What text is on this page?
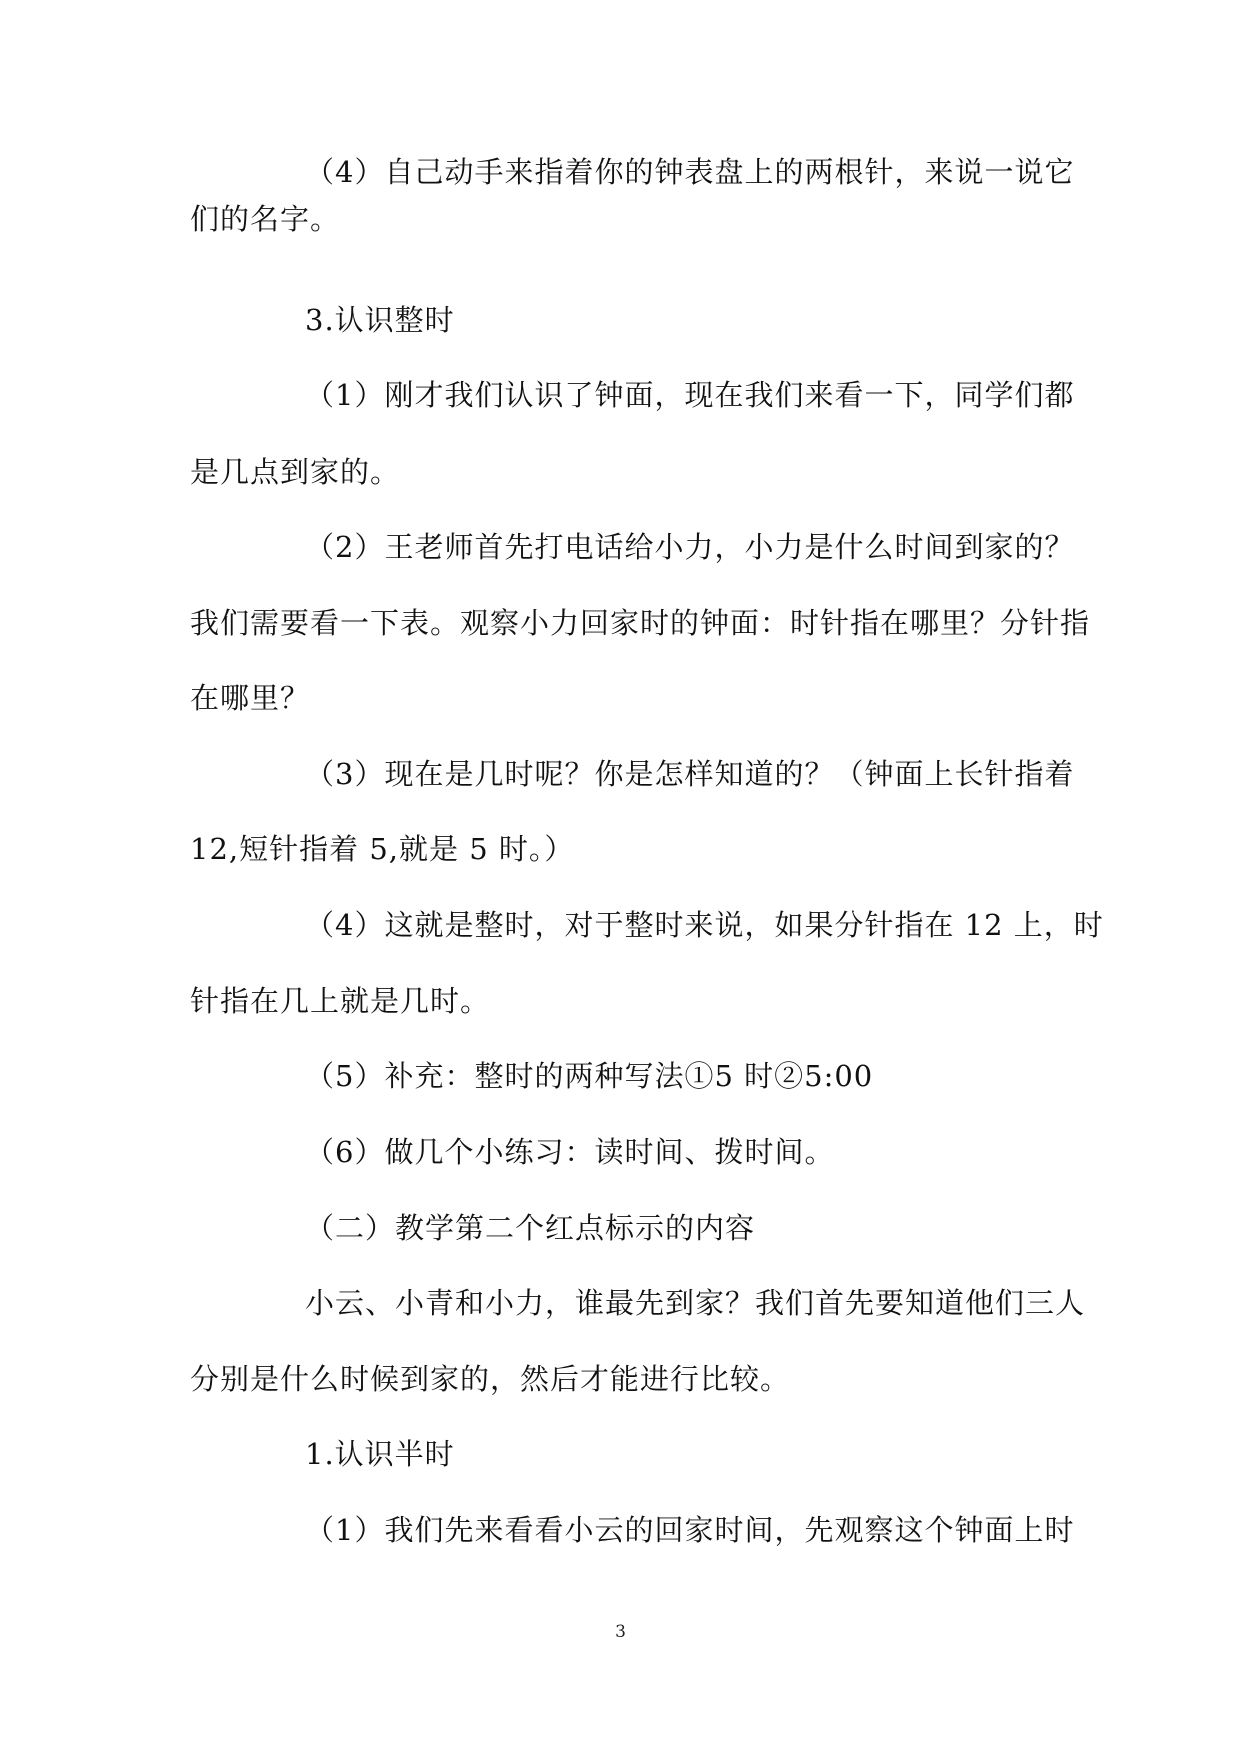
（4）自己动手来指着你的钟表盘上的两根针，来说一说它
们的名字。
3.认识整时
（1）刚才我们认识了钟面，现在我们来看一下，同学们都
是几点到家的。
（2）王老师首先打电话给小力，小力是什么时间到家的？
我们需要看一下表。观察小力回家时的钟面：时针指在哪里？分针指
在哪里？
（3）现在是几时呢？你是怎样知道的？（钟面上长针指着
12,短针指着 5,就是 5 时。）
（4）这就是整时，对于整时来说，如果分针指在 12 上，时
针指在几上就是几时。
（5）补充：整时的两种写法①5 时②5:00
（6）做几个小练习：读时间、拨时间。
（二）教学第二个红点标示的内容
小云、小青和小力，谁最先到家？我们首先要知道他们三人
分别是什么时候到家的，然后才能进行比较。
1.认识半时
（1）我们先来看看小云的回家时间，先观察这个钟面上时
3
